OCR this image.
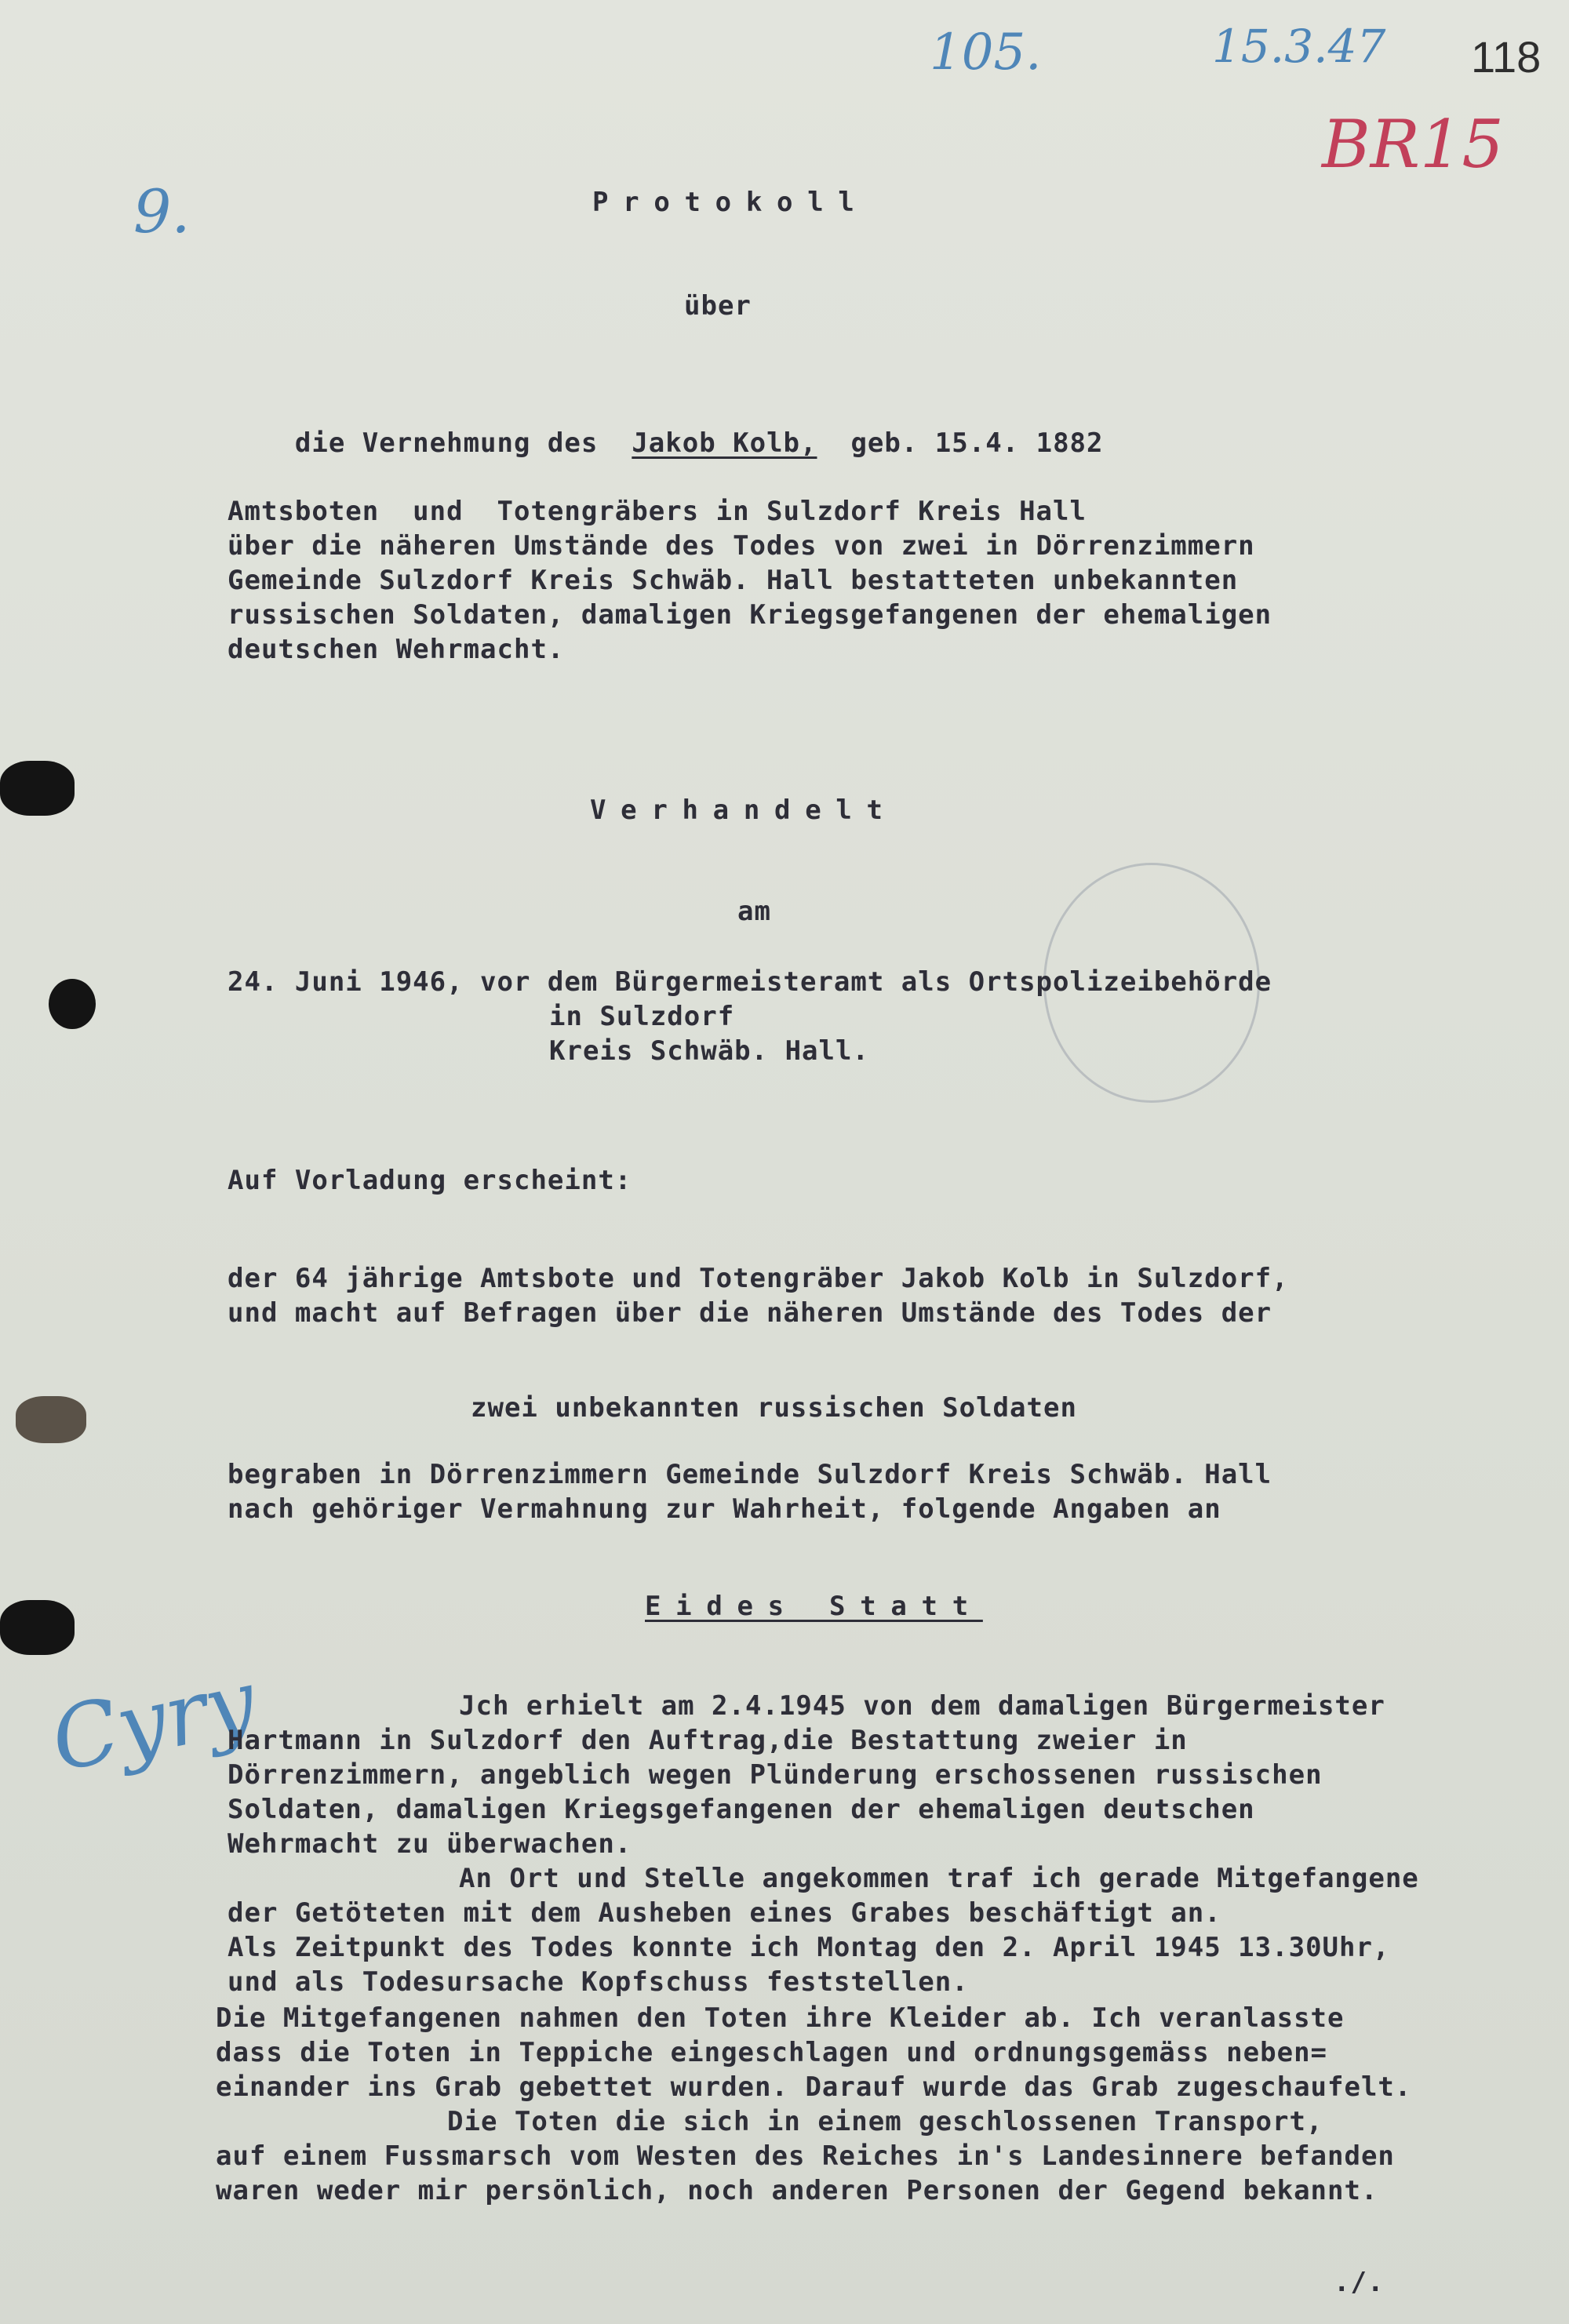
105.	15.3.47 118
BR15
9.
Cyry
Protokoll
über

die Vernehmung des Jakob Kolb, geb. 15.4. 1882

Amtsboten  und  Totengräbers in Sulzdorf Kreis Hall
über die näheren Umstände des Todes von zwei in Dörrenzimmern
Gemeinde Sulzdorf Kreis Schwäb. Hall bestatteten unbekannten
russischen Soldaten, damaligen Kriegsgefangenen der ehemaligen
deutschen Wehrmacht.
Verhandelt
am
24. Juni 1946, vor dem Bürgermeisteramt als Ortspolizeibehörde
in Sulzdorf
Kreis Schwäb. Hall.
Auf Vorladung erscheint:
der 64 jährige Amtsbote und Totengräber Jakob Kolb in Sulzdorf,
und macht auf Befragen über die näheren Umstände des Todes der
zwei unbekannten russischen Soldaten
begraben in Dörrenzimmern Gemeinde Sulzdorf Kreis Schwäb. Hall
nach gehöriger Vermahnung zur Wahrheit, folgende Angaben an
Eides Statt
Jch erhielt am 2.4.1945 von dem damaligen Bürgermeister
Hartmann in Sulzdorf den Auftrag,die Bestattung zweier in
Dörrenzimmern, angeblich wegen Plünderung erschossenen russischen
Soldaten, damaligen Kriegsgefangenen der ehemaligen deutschen
Wehrmacht zu überwachen.
An Ort und Stelle angekommen traf ich gerade Mitgefangene
der Getöteten mit dem Ausheben eines Grabes beschäftigt an.
Als Zeitpunkt des Todes konnte ich Montag den 2. April 1945 13.30Uhr,
und als Todesursache Kopfschuss feststellen.
Die Mitgefangenen nahmen den Toten ihre Kleider ab. Ich veranlasste
dass die Toten in Teppiche eingeschlagen und ordnungsgemäss neben=
einander ins Grab gebettet wurden. Darauf wurde das Grab zugeschaufelt.
Die Toten die sich in einem geschlossenen Transport,
auf einem Fussmarsch vom Westen des Reiches in's Landesinnere befanden
waren weder mir persönlich, noch anderen Personen der Gegend bekannt.
./.
